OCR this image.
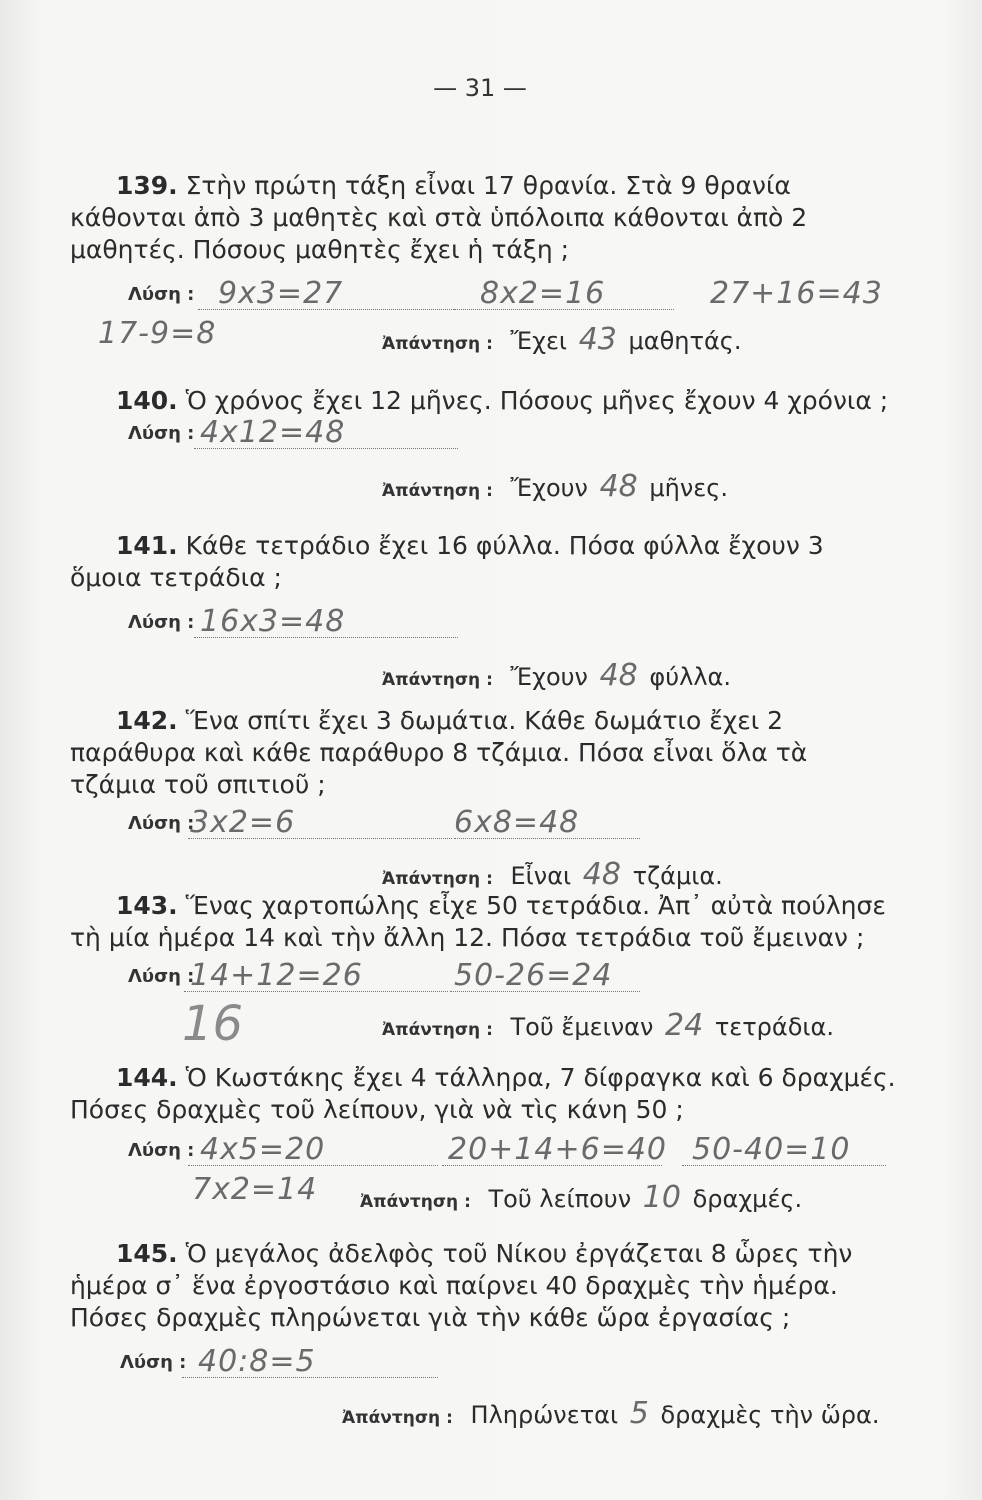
— 31 —
139. Στὴν πρώτη τάξη εἶναι 17 θρανία. Στὰ 9 θρανία κάθονται ἀπὸ 3 μαθητὲς καὶ στὰ ὑπόλοιπα κάθονται ἀπὸ 2 μαθητές. Πόσους μαθητὲς ἔχει ἡ τάξη ;
Λύση : 9x3=27	8x2=16	27+16=43
17-9=8	Ἀπάντηση : Ἔχει 43 μαθητάς.
140. Ὁ χρόνος ἔχει 12 μῆνες. Πόσους μῆνες ἔχουν 4 χρόνια ;
Λύση : 4x12=48
Ἀπάντηση : Ἔχουν 48 μῆνες.
141. Κάθε τετράδιο ἔχει 16 φύλλα. Πόσα φύλλα ἔχουν 3 ὅμοια τετράδια ;
Λύση : 16x3=48
Ἀπάντηση : Ἔχουν 48 φύλλα.
142. Ἕνα σπίτι ἔχει 3 δωμάτια. Κάθε δωμάτιο ἔχει 2 παράθυρα καὶ κάθε παράθυρο 8 τζάμια. Πόσα εἶναι ὅλα τὰ τζάμια τοῦ σπιτιοῦ ;
Λύση :
3x2=6	6x8=48
Ἀπάντηση : Εἶναι 48 τζάμια.
143. Ἕνας χαρτοπώλης εἶχε 50 τετράδια. Ἀπ᾽ αὐτὰ πούλησε τὴ μία ἡμέρα 14 καὶ τὴν ἄλλη 12. Πόσα τετράδια τοῦ ἔμειναν ;
Λύση :
14+12=26	50-26=24
16	Ἀπάντηση : Τοῦ ἔμειναν 24 τετράδια.
144. Ὁ Κωστάκης ἔχει 4 τάλληρα, 7 δίφραγκα καὶ 6 δραχμές. Πόσες δραχμὲς τοῦ λείπουν, γιὰ νὰ τὶς κάνη 50 ;
Λύση : 4x5=20	20+14+6=40 50-40=10
7x2=14	Ἀπάντηση : Τοῦ λείπουν 10 δραχμές.
145. Ὁ μεγάλος ἀδελφὸς τοῦ Νίκου ἐργάζεται 8 ὧρες τὴν ἡμέρα σ᾽ ἕνα ἐργοστάσιο καὶ παίρνει 40 δραχμὲς τὴν ἡμέρα. Πόσες δραχμὲς πληρώνεται γιὰ τὴν κάθε ὥρα ἐργασίας ;
Λύση : 40:8=5
Ἀπάντηση : Πληρώνεται 5 δραχμὲς τὴν ὥρα.
